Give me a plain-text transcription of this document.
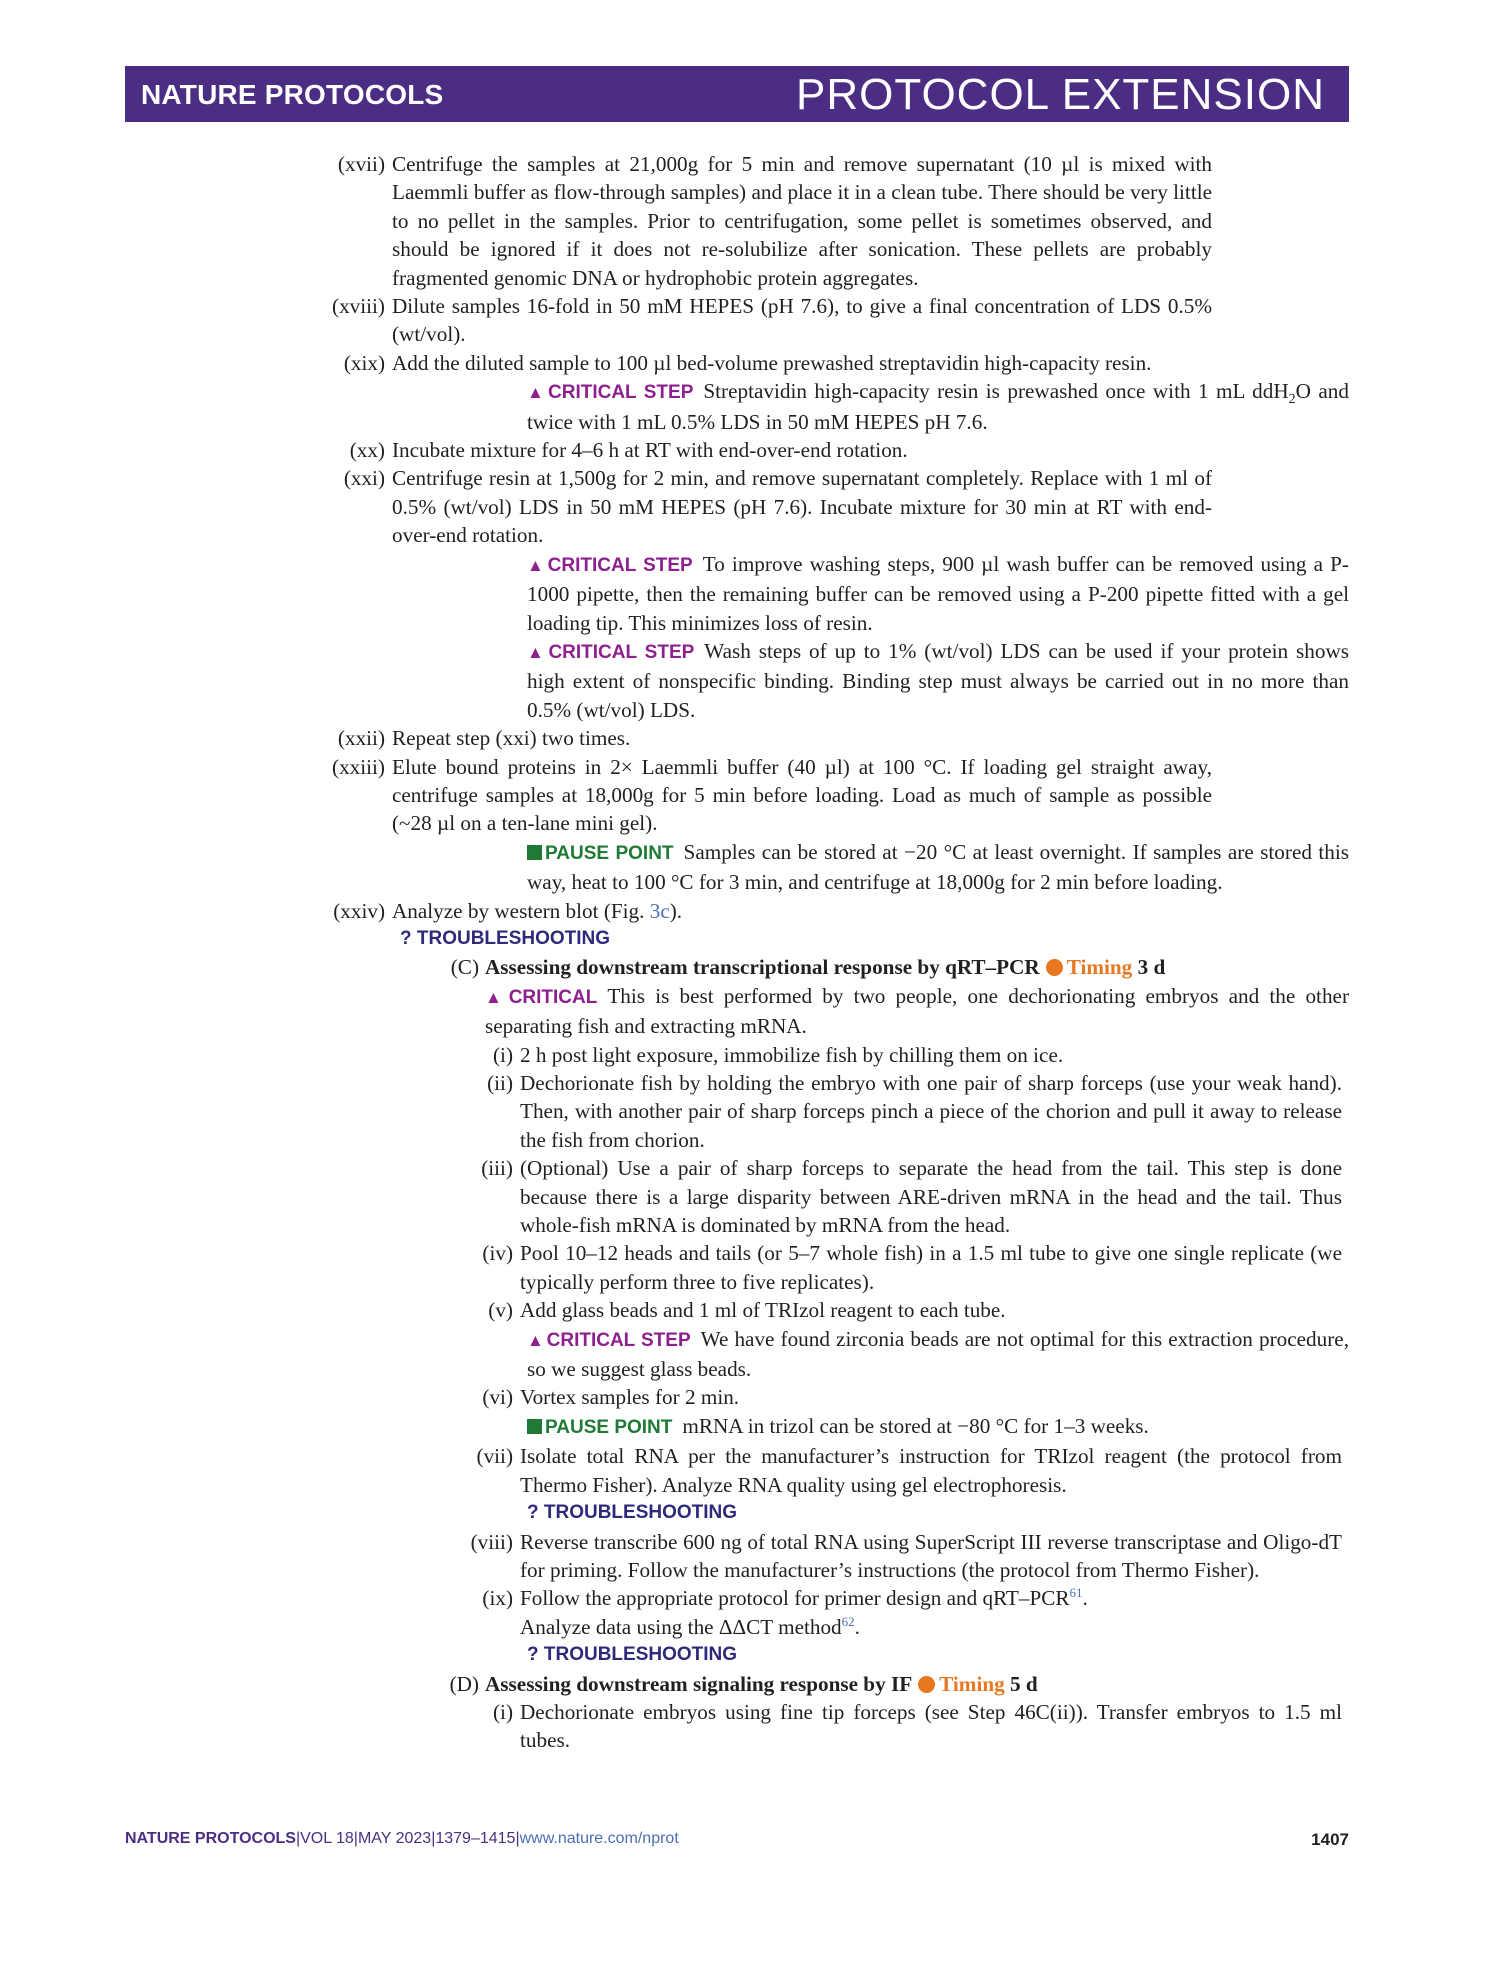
NATURE PROTOCOLS	PROTOCOL EXTENSION
(xvii) Centrifuge the samples at 21,000g for 5 min and remove supernatant (10 µl is mixed with Laemmli buffer as flow-through samples) and place it in a clean tube. There should be very little to no pellet in the samples. Prior to centrifugation, some pellet is sometimes observed, and should be ignored if it does not re-solubilize after sonication. These pellets are probably fragmented genomic DNA or hydrophobic protein aggregates.
(xviii) Dilute samples 16-fold in 50 mM HEPES (pH 7.6), to give a final concentration of LDS 0.5% (wt/vol).
(xix) Add the diluted sample to 100 µl bed-volume prewashed streptavidin high-capacity resin.
▲ CRITICAL STEP Streptavidin high-capacity resin is prewashed once with 1 mL ddH$_2$O and twice with 1 mL 0.5% LDS in 50 mM HEPES pH 7.6.
(xx) Incubate mixture for 4–6 h at RT with end-over-end rotation.
(xxi) Centrifuge resin at 1,500g for 2 min, and remove supernatant completely. Replace with 1 ml of 0.5% (wt/vol) LDS in 50 mM HEPES (pH 7.6). Incubate mixture for 30 min at RT with end-over-end rotation.
▲ CRITICAL STEP To improve washing steps, 900 µl wash buffer can be removed using a P-1000 pipette, then the remaining buffer can be removed using a P-200 pipette fitted with a gel loading tip. This minimizes loss of resin.
▲ CRITICAL STEP Wash steps of up to 1% (wt/vol) LDS can be used if your protein shows high extent of nonspecific binding. Binding step must always be carried out in no more than 0.5% (wt/vol) LDS.
(xxii) Repeat step (xxi) two times.
(xxiii) Elute bound proteins in 2× Laemmli buffer (40 µl) at 100 °C. If loading gel straight away, centrifuge samples at 18,000g for 5 min before loading. Load as much of sample as possible (~28 µl on a ten-lane mini gel).
PAUSE POINT Samples can be stored at −20 °C at least overnight. If samples are stored this way, heat to 100 °C for 3 min, and centrifuge at 18,000g for 2 min before loading.
(xxiv) Analyze by western blot (Fig. 3c).
? TROUBLESHOOTING
(C) Assessing downstream transcriptional response by qRT–PCR Timing 3 d
▲ CRITICAL This is best performed by two people, one dechorionating embryos and the other separating fish and extracting mRNA.
(i) 2 h post light exposure, immobilize fish by chilling them on ice.
(ii) Dechorionate fish by holding the embryo with one pair of sharp forceps (use your weak hand). Then, with another pair of sharp forceps pinch a piece of the chorion and pull it away to release the fish from chorion.
(iii) (Optional) Use a pair of sharp forceps to separate the head from the tail. This step is done because there is a large disparity between ARE-driven mRNA in the head and the tail. Thus whole-fish mRNA is dominated by mRNA from the head.
(iv) Pool 10–12 heads and tails (or 5–7 whole fish) in a 1.5 ml tube to give one single replicate (we typically perform three to five replicates).
(v) Add glass beads and 1 ml of TRIzol reagent to each tube.
▲ CRITICAL STEP We have found zirconia beads are not optimal for this extraction procedure, so we suggest glass beads.
(vi) Vortex samples for 2 min.
PAUSE POINT mRNA in trizol can be stored at −80 °C for 1–3 weeks.
(vii) Isolate total RNA per the manufacturer’s instruction for TRIzol reagent (the protocol from Thermo Fisher). Analyze RNA quality using gel electrophoresis.
? TROUBLESHOOTING
(viii) Reverse transcribe 600 ng of total RNA using SuperScript III reverse transcriptase and Oligo-dT for priming. Follow the manufacturer’s instructions (the protocol from Thermo Fisher).
(ix) Follow the appropriate protocol for primer design and qRT–PCR$^{61}$.
Analyze data using the ΔΔCT method$^{62}$.
? TROUBLESHOOTING
(D) Assessing downstream signaling response by IF Timing 5 d
(i) Dechorionate embryos using fine tip forceps (see Step 46C(ii)). Transfer embryos to 1.5 ml tubes.
NATURE PROTOCOLS|VOL 18|MAY 2023|1379–1415|www.nature.com/nprot	1407
